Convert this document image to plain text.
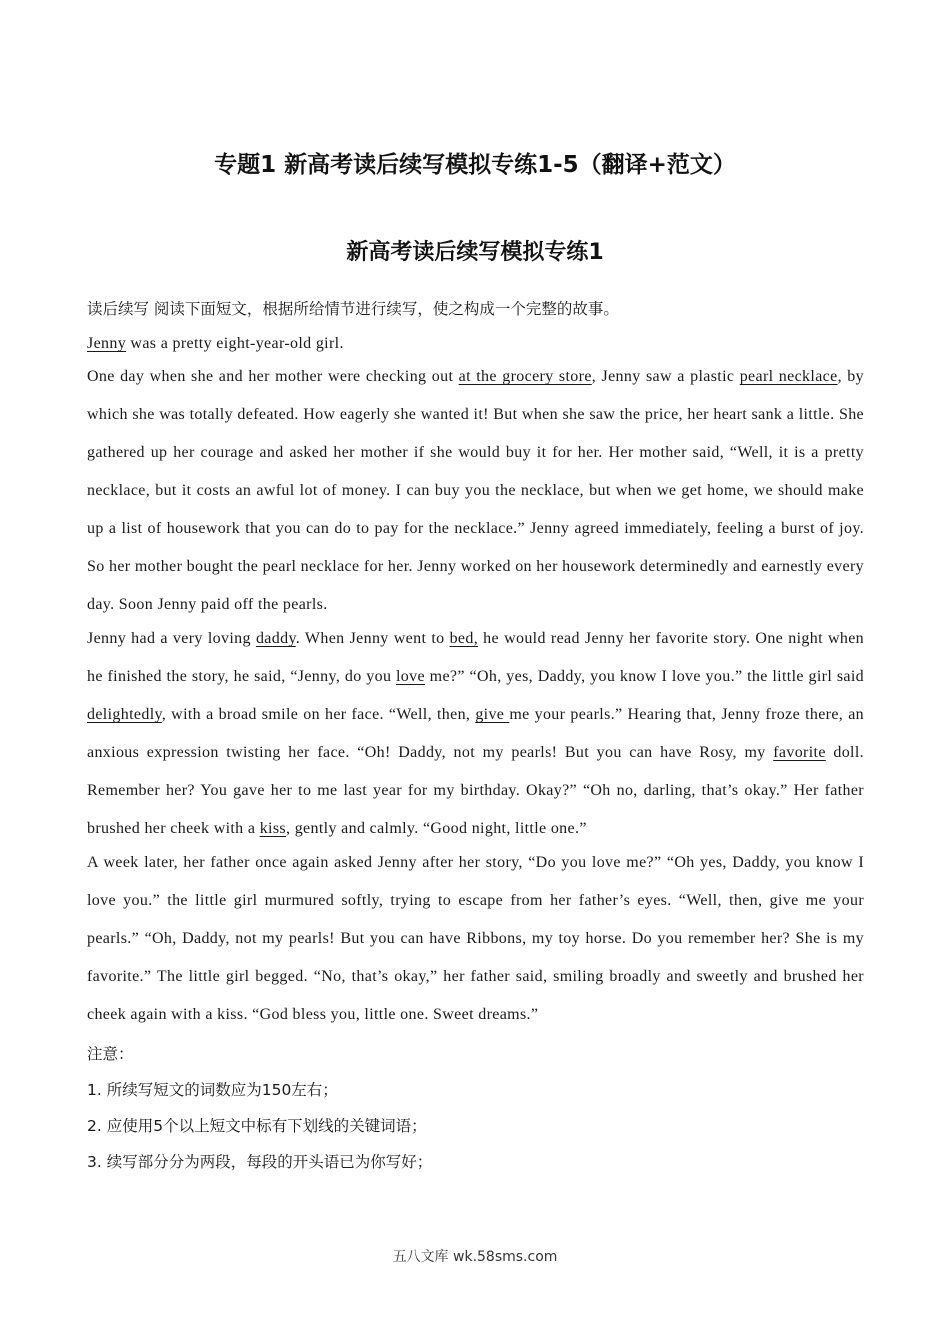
专题1 新高考读后续写模拟专练1-5（翻译+范文）
新高考读后续写模拟专练1

读后续写 阅读下面短文，根据所给情节进行续写，使之构成一个完整的故事。

Jenny was a pretty eight-year-old girl.

One day when she and her mother were checking out at the grocery store, Jenny saw a plastic pearl necklace, by which she was totally defeated. How eagerly she wanted it! But when she saw the price, her heart sank a little. She gathered up her courage and asked her mother if she would buy it for her. Her mother said, “Well, it is a pretty necklace, but it costs an awful lot of money. I can buy you the necklace, but when we get home, we should make up a list of housework that you can do to pay for the necklace.” Jenny agreed immediately, feeling a burst of joy. So her mother bought the pearl necklace for her. Jenny worked on her housework determinedly and earnestly every day. Soon Jenny paid off the pearls.

Jenny had a very loving daddy. When Jenny went to bed, he would read Jenny her favorite story. One night when he finished the story, he said, “Jenny, do you love me?” “Oh, yes, Daddy, you know I love you.” the little girl said delightedly, with a broad smile on her face. “Well, then, give me your pearls.” Hearing that, Jenny froze there, an anxious expression twisting her face. “Oh! Daddy, not my pearls! But you can have Rosy, my favorite doll. Remember her? You gave her to me last year for my birthday. Okay?” “Oh no, darling, that’s okay.” Her father brushed her cheek with a kiss, gently and calmly. “Good night, little one.”

A week later, her father once again asked Jenny after her story, “Do you love me?” “Oh yes, Daddy, you know I love you.” the little girl murmured softly, trying to escape from her father’s eyes. “Well, then, give me your pearls.” “Oh, Daddy, not my pearls! But you can have Ribbons, my toy horse. Do you remember her? She is my favorite.” The little girl begged. “No, that’s okay,” her father said, smiling broadly and sweetly and brushed her cheek again with a kiss. “God bless you, little one. Sweet dreams.”

注意：

1. 所续写短文的词数应为150左右；

2. 应使用5个以上短文中标有下划线的关键词语；

3. 续写部分分为两段，每段的开头语已为你写好；

五八文库 wk.58sms.com
